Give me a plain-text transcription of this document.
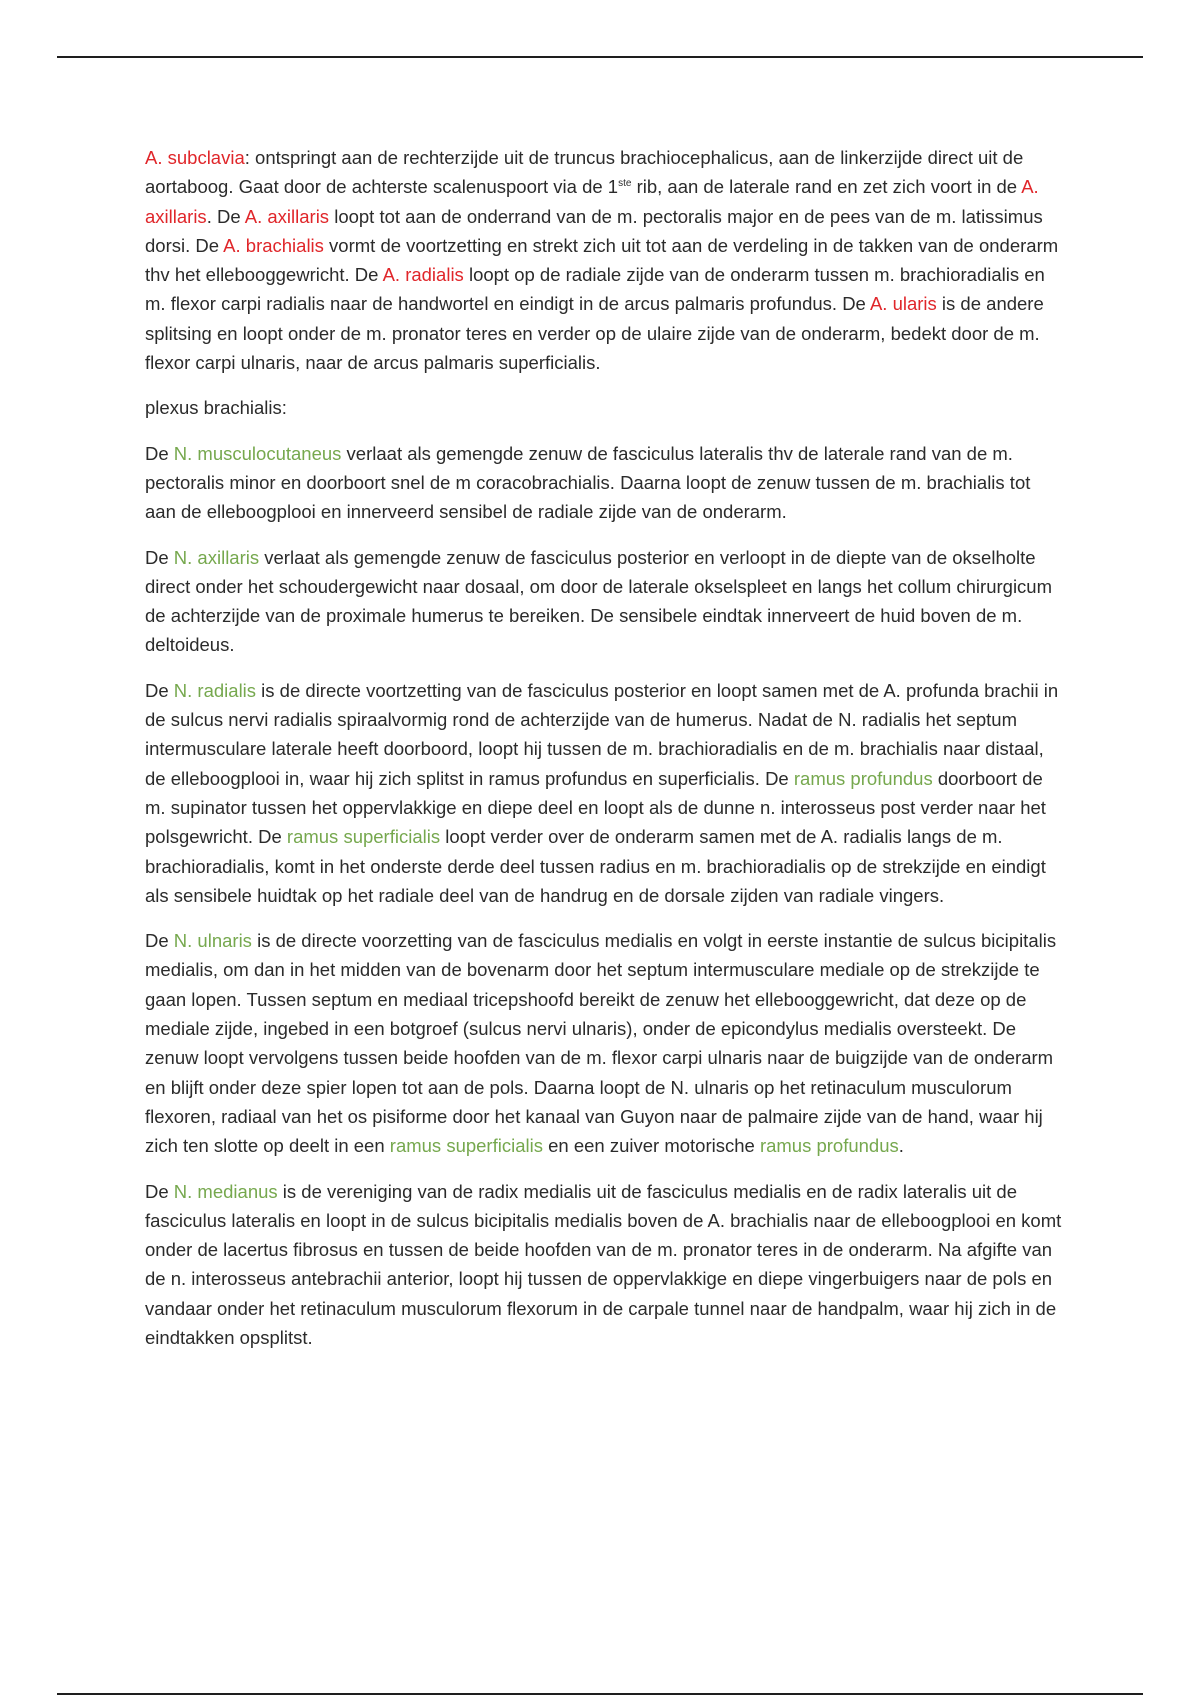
A. subclavia: ontspringt aan de rechterzijde uit de truncus brachiocephalicus, aan de linkerzijde direct uit de aortaboog. Gaat door de achterste scalenuspoort via de 1ste rib, aan de laterale rand en zet zich voort in de A. axillaris. De A. axillaris loopt tot aan de onderrand van de m. pectoralis major en de pees van de m. latissimus dorsi. De A. brachialis vormt de voortzetting en strekt zich uit tot aan de verdeling in de takken van de onderarm thv het ellebooggewricht. De A. radialis loopt op de radiale zijde van de onderarm tussen m. brachioradialis en m. flexor carpi radialis naar de handwortel en eindigt in de arcus palmaris profundus. De A. ularis is de andere splitsing en loopt onder de m. pronator teres en verder op de ulaire zijde van de onderarm, bedekt door de m. flexor carpi ulnaris, naar de arcus palmaris superficialis.

plexus brachialis:

De N. musculocutaneus verlaat als gemengde zenuw de fasciculus lateralis thv de laterale rand van de m. pectoralis minor en doorboort snel de m coracobrachialis. Daarna loopt de zenuw tussen de m. brachialis tot aan de elleboogplooi en innerveerd sensibel de radiale zijde van de onderarm.

De N. axillaris verlaat als gemengde zenuw de fasciculus posterior en verloopt in de diepte van de okselholte direct onder het schoudergewicht naar dosaal, om door de laterale okselspleet en langs het collum chirurgicum de achterzijde van de proximale humerus te bereiken. De sensibele eindtak innerveert de huid boven de m. deltoideus.

De N. radialis is de directe voortzetting van de fasciculus posterior en loopt samen met de A. profunda brachii in de sulcus nervi radialis spiraalvormig rond de achterzijde van de humerus. Nadat de N. radialis het septum intermusculare laterale heeft doorboord, loopt hij tussen de m. brachioradialis en de m. brachialis naar distaal, de elleboogplooi in, waar hij zich splitst in ramus profundus en superficialis. De ramus profundus doorboort de m. supinator tussen het oppervlakkige en diepe deel en loopt als de dunne n. interosseus post verder naar het polsgewricht. De ramus superficialis loopt verder over de onderarm samen met de A. radialis langs de m. brachioradialis, komt in het onderste derde deel tussen radius en m. brachioradialis op de strekzijde en eindigt als sensibele huidtak op het radiale deel van de handrug en de dorsale zijden van radiale vingers.

De N. ulnaris is de directe voorzetting van de fasciculus medialis en volgt in eerste instantie de sulcus bicipitalis medialis, om dan in het midden van de bovenarm door het septum intermusculare mediale op de strekzijde te gaan lopen. Tussen septum en mediaal tricepshoofd bereikt de zenuw het ellebooggewricht, dat deze op de mediale zijde, ingebed in een botgroef (sulcus nervi ulnaris), onder de epicondylus medialis oversteekt. De zenuw loopt vervolgens tussen beide hoofden van de m. flexor carpi ulnaris naar de buigzijde van de onderarm en blijft onder deze spier lopen tot aan de pols. Daarna loopt de N. ulnaris op het retinaculum musculorum flexoren, radiaal van het os pisiforme door het kanaal van Guyon naar de palmaire zijde van de hand, waar hij zich ten slotte op deelt in een ramus superficialis en een zuiver motorische ramus profundus.

De N. medianus is de vereniging van de radix medialis uit de fasciculus medialis en de radix lateralis uit de fasciculus lateralis en loopt in de sulcus bicipitalis medialis boven de A. brachialis naar de elleboogplooi en komt onder de lacertus fibrosus en tussen de beide hoofden van de m. pronator teres in de onderarm. Na afgifte van de n. interosseus antebrachii anterior, loopt hij tussen de oppervlakkige en diepe vingerbuigers naar de pols en vandaar onder het retinaculum musculorum flexorum in de carpale tunnel naar de handpalm, waar hij zich in de eindtakken opsplitst.
